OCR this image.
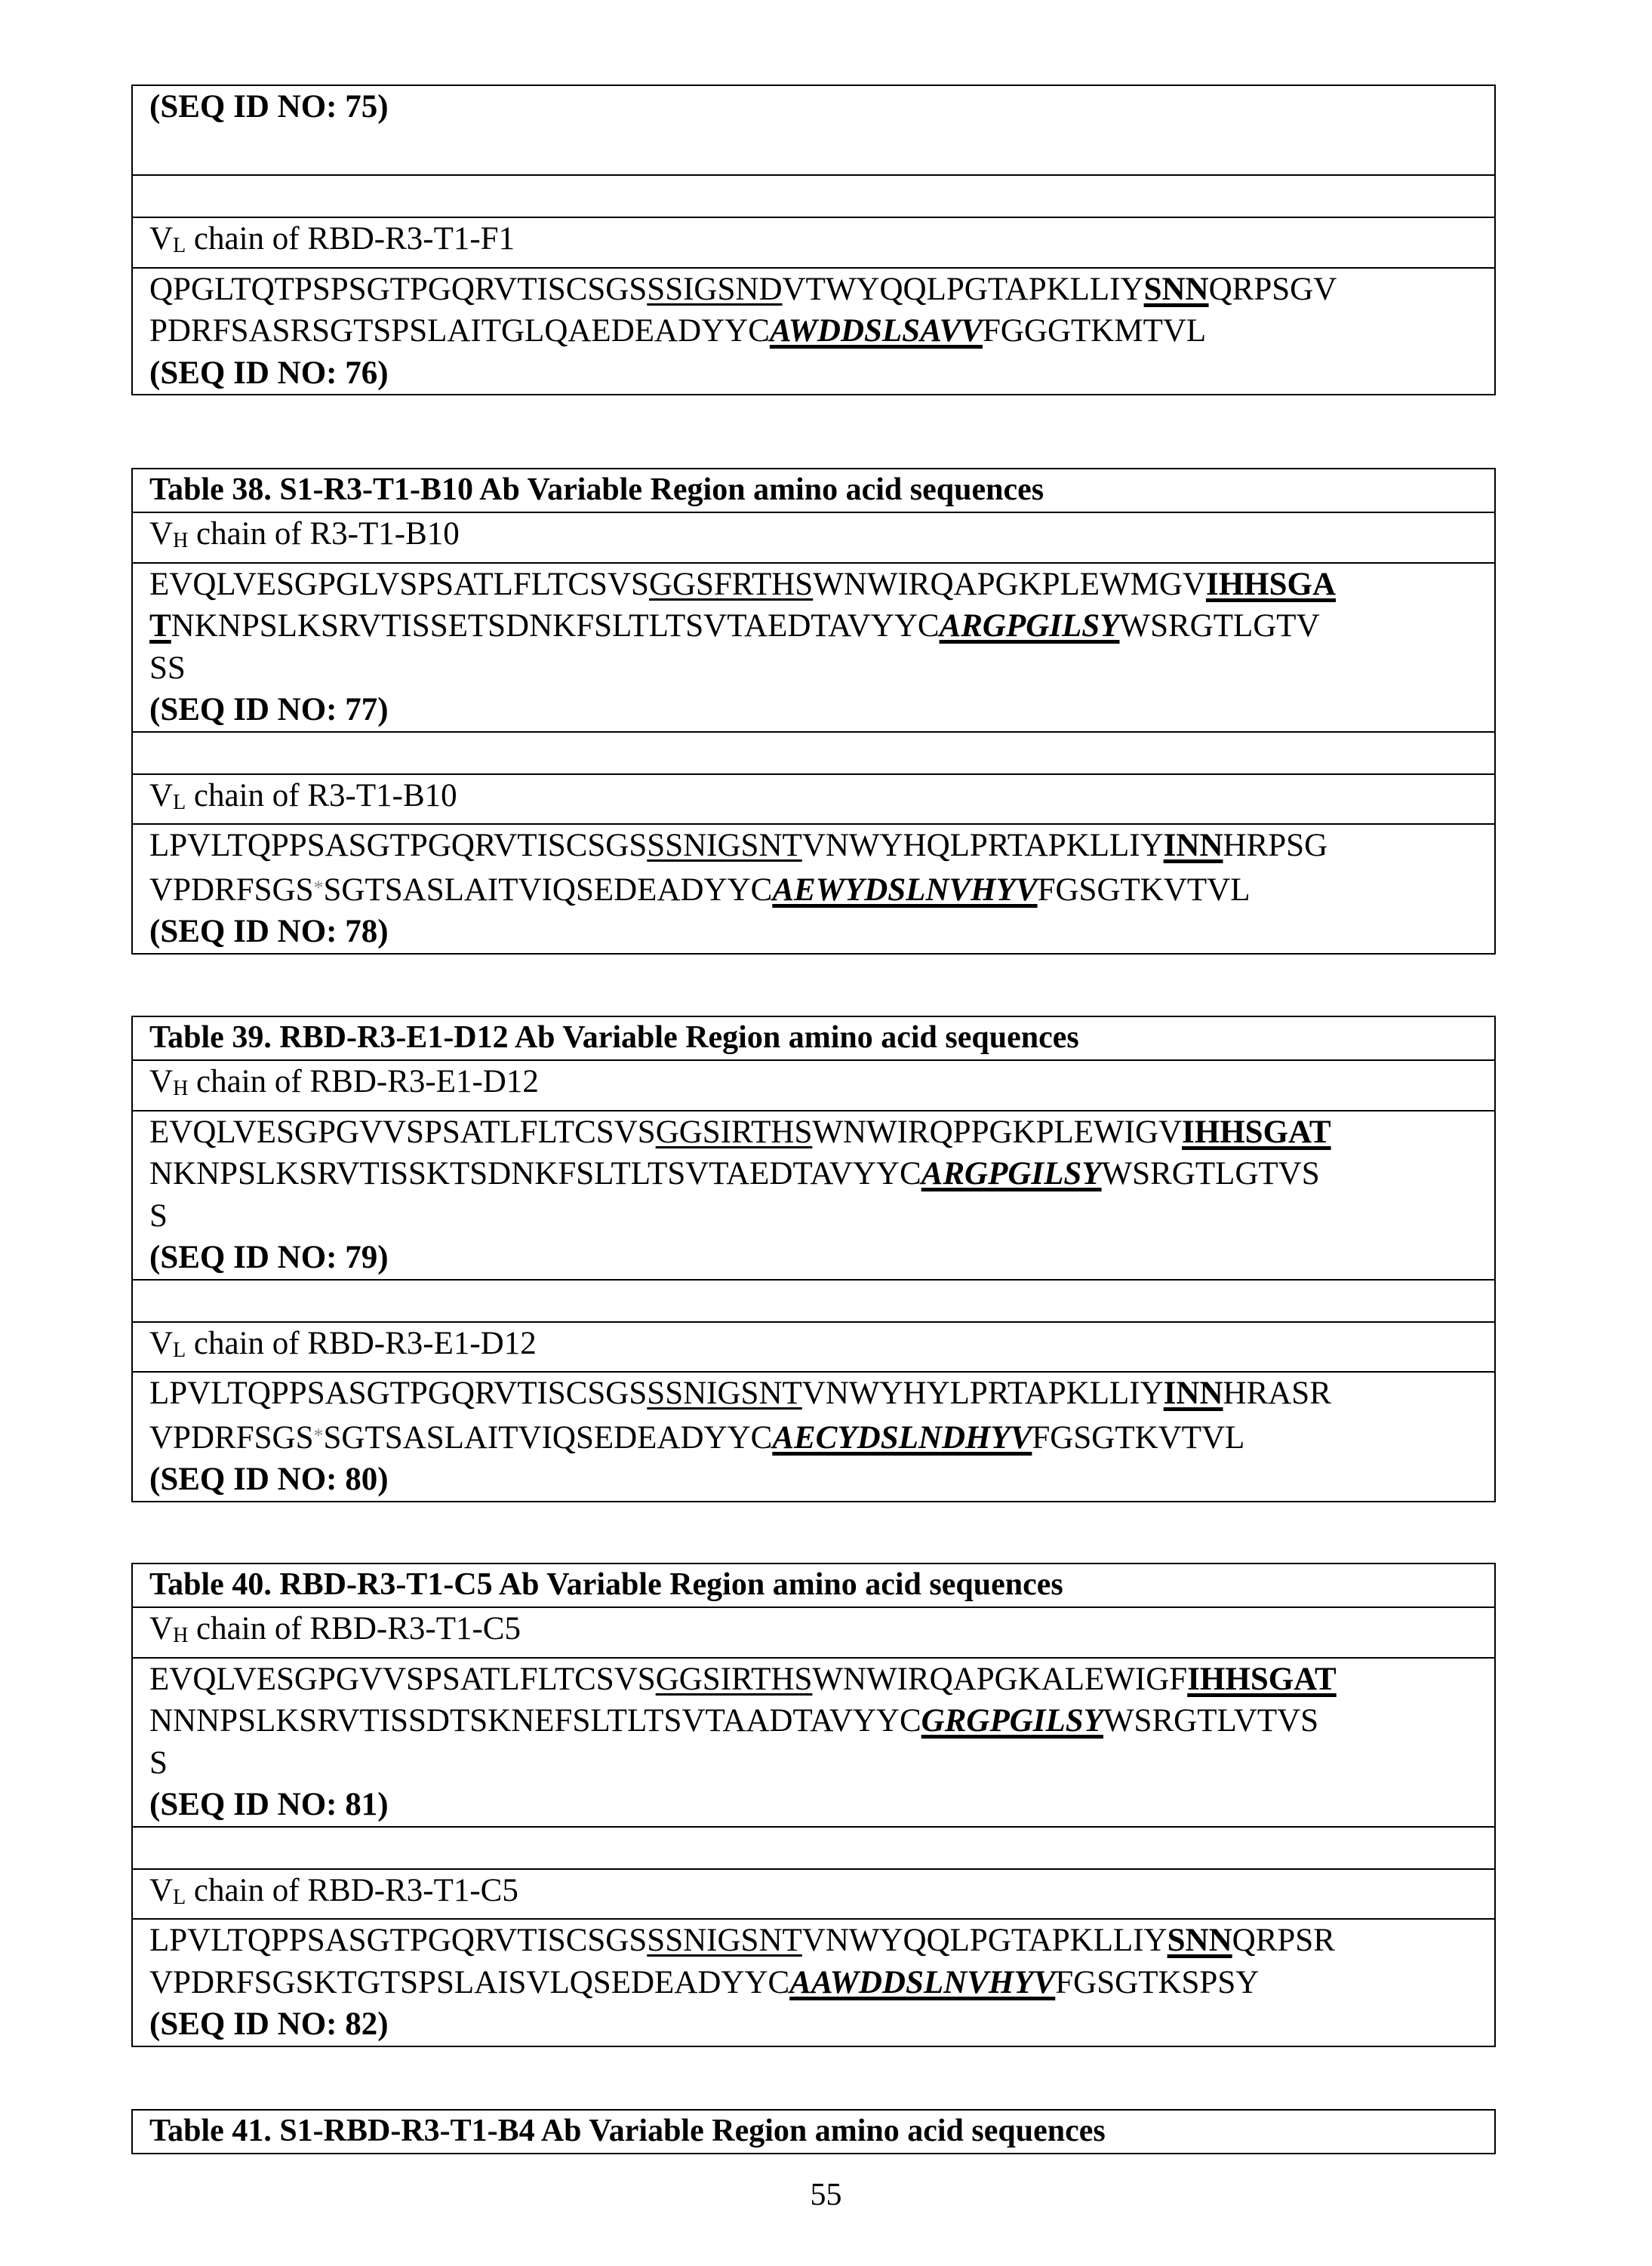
(SEQ ID NO: 75)
VL chain of RBD-R3-T1-F1
QPGLTQTPSPSGTPGQRVTISCSGSSSIGSNDVTWYQQLPGTAPKLLIYSNNQRPSGV
PDRFSASRSGTSPSLAITGLQAEDEADYYCAWDDSLSAVVFGGGTKMTVL
(SEQ ID NO: 76)
Table 38. S1-R3-T1-B10 Ab Variable Region amino acid sequences
VH chain of R3-T1-B10
EVQLVESGPGLVSPSATLFLTCSVSGGSFRTHSWNWIRQAPGKPLEWMGVIHHSGA
TNKNPSLKSRVTISSETSDNKFSLTLTSVTAEDTAVYYCARGPGILSYWSRGTLGTV
SS
(SEQ ID NO: 77)
VL chain of R3-T1-B10
LPVLTQPPSASGTPGQRVTISCSGSSSNIGSNTVNWYHQLPRTAPKLLIYINNHRPSG
VPDRFSGS*SGTSASLAITVIQSEDEADYYCAEWYDSLNVHYVFGSGTKVTVL
(SEQ ID NO: 78)
Table 39. RBD-R3-E1-D12 Ab Variable Region amino acid sequences
VH chain of RBD-R3-E1-D12
EVQLVESGPGVVSPSATLFLTCSVSGGSIRTHSWNWIRQPPGKPLEWIGVIHHSGAT
NKNPSLKSRVTISSKTSDNKFSLTLTSVTAEDTAVYYCARGPGILSYWSRGTLGTVS
S
(SEQ ID NO: 79)
VL chain of RBD-R3-E1-D12
LPVLTQPPSASGTPGQRVTISCSGSSSNIGSNTVNWYHYLPRTAPKLLIYINNHRASR
VPDRFSGS*SGTSASLAITVIQSEDEADYYCAECYDSLNDHYVFGSGTKVTVL
(SEQ ID NO: 80)
Table 40. RBD-R3-T1-C5 Ab Variable Region amino acid sequences
VH chain of RBD-R3-T1-C5
EVQLVESGPGVVSPSATLFLTCSVSGGSIRTHSWNWIRQAPGKALEWIGFIHHSGAT
NNNPSLKSRVTISSDTSKNEFSLTLTSVTAADTAVYYCGRGPGILSYWSRGTLVTVS
S
(SEQ ID NO: 81)
VL chain of RBD-R3-T1-C5
LPVLTQPPSASGTPGQRVTISCSGSSSNIGSNTVNWYQQLPGTAPKLLIYSNNQRPSR
VPDRFSGSKTGTSPSLAISVLQSEDEADYYCAAWDDSLNVHYVFGSGTKSPSY
(SEQ ID NO: 82)
Table 41. S1-RBD-R3-T1-B4 Ab Variable Region amino acid sequences
55
